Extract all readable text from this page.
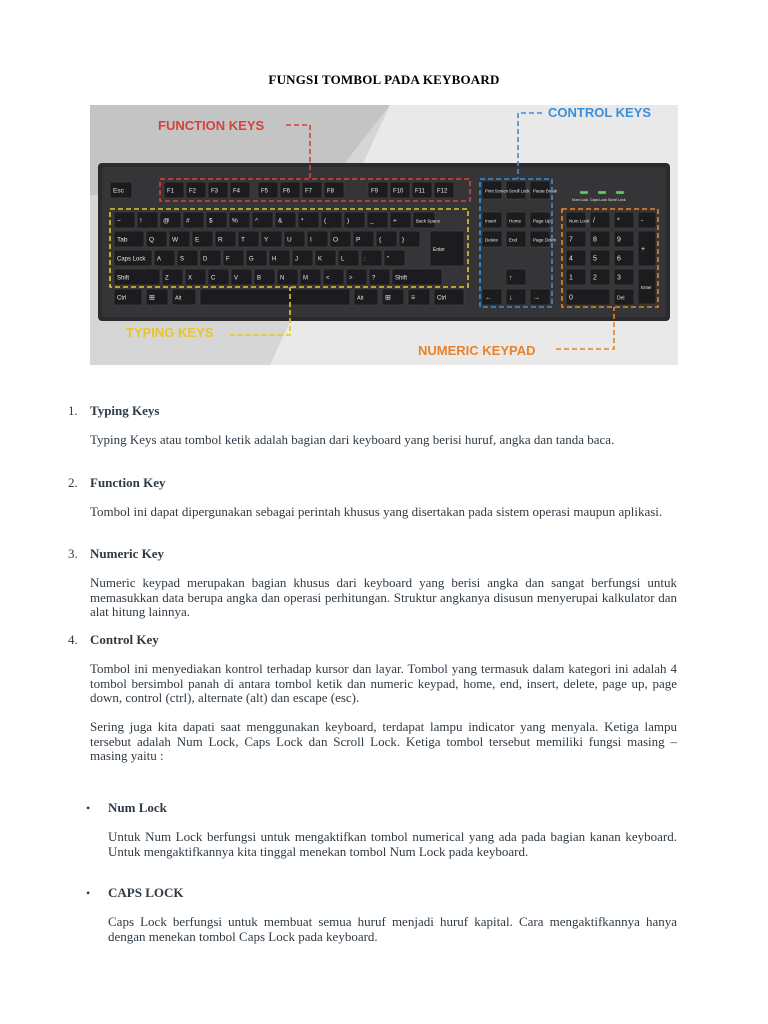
FUNGSI TOMBOL PADA KEYBOARD
Esc	F1 F2 F3 F4	F5 F6 F7 F8	F9 F10 F11 F12	Print Screen Scroll Lock Pause Break
Num Lock Caps Lock Scroll Lock
~	!	@	#	$	%	^	&	*	(	)	_	+	Back Space
Tab	Q	W	E	R	T	Y	U	I	O	P	{	}
Caps Lock A	S	D	F	G	H	J	K	L	:	"
Enter
Shift	Z	X	C	V	B	N	M	<	>	?	Shift
Ctrl	⊞	Alt	Alt	⊞	≡	Ctrl
Insert	Home	Page Up
Delete End	Page Down
↑
← ↓	→
Num Lock /	*	-
7	8	9
+
4	5	6
1	2	3
Enter
0	Del
FUNCTION KEYS
CONTROL KEYS
TYPING KEYS
NUMERIC KEYPAD
1. Typing Keys
Typing Keys atau tombol ketik adalah bagian dari keyboard yang berisi huruf, angka dan tanda baca.
2. Function Key
Tombol ini dapat dipergunakan sebagai perintah khusus yang disertakan pada sistem operasi maupun aplikasi.
3. Numeric Key
Numeric keypad merupakan bagian khusus dari keyboard yang berisi angka dan sangat berfungsi untuk memasukkan data berupa angka dan operasi perhitungan. Struktur angkanya disusun menyerupai kalkulator dan alat hitung lainnya.
4. Control Key
Tombol ini menyediakan kontrol terhadap kursor dan layar. Tombol yang termasuk dalam kategori ini adalah 4 tombol bersimbol panah di antara tombol ketik dan numeric keypad, home, end, insert, delete, page up, page down, control (ctrl), alternate (alt) dan escape (esc).
Sering juga kita dapati saat menggunakan keyboard, terdapat lampu indicator yang menyala. Ketiga lampu tersebut adalah Num Lock, Caps Lock dan Scroll Lock. Ketiga tombol tersebut memiliki fungsi masing – masing yaitu :
• Num Lock
Untuk Num Lock berfungsi untuk mengaktifkan tombol numerical yang ada pada bagian kanan keyboard. Untuk mengaktifkannya kita tinggal menekan tombol Num Lock pada keyboard.
• CAPS LOCK
Caps Lock berfungsi untuk membuat semua huruf menjadi huruf kapital. Cara mengaktifkannya hanya dengan menekan tombol Caps Lock pada keyboard.
